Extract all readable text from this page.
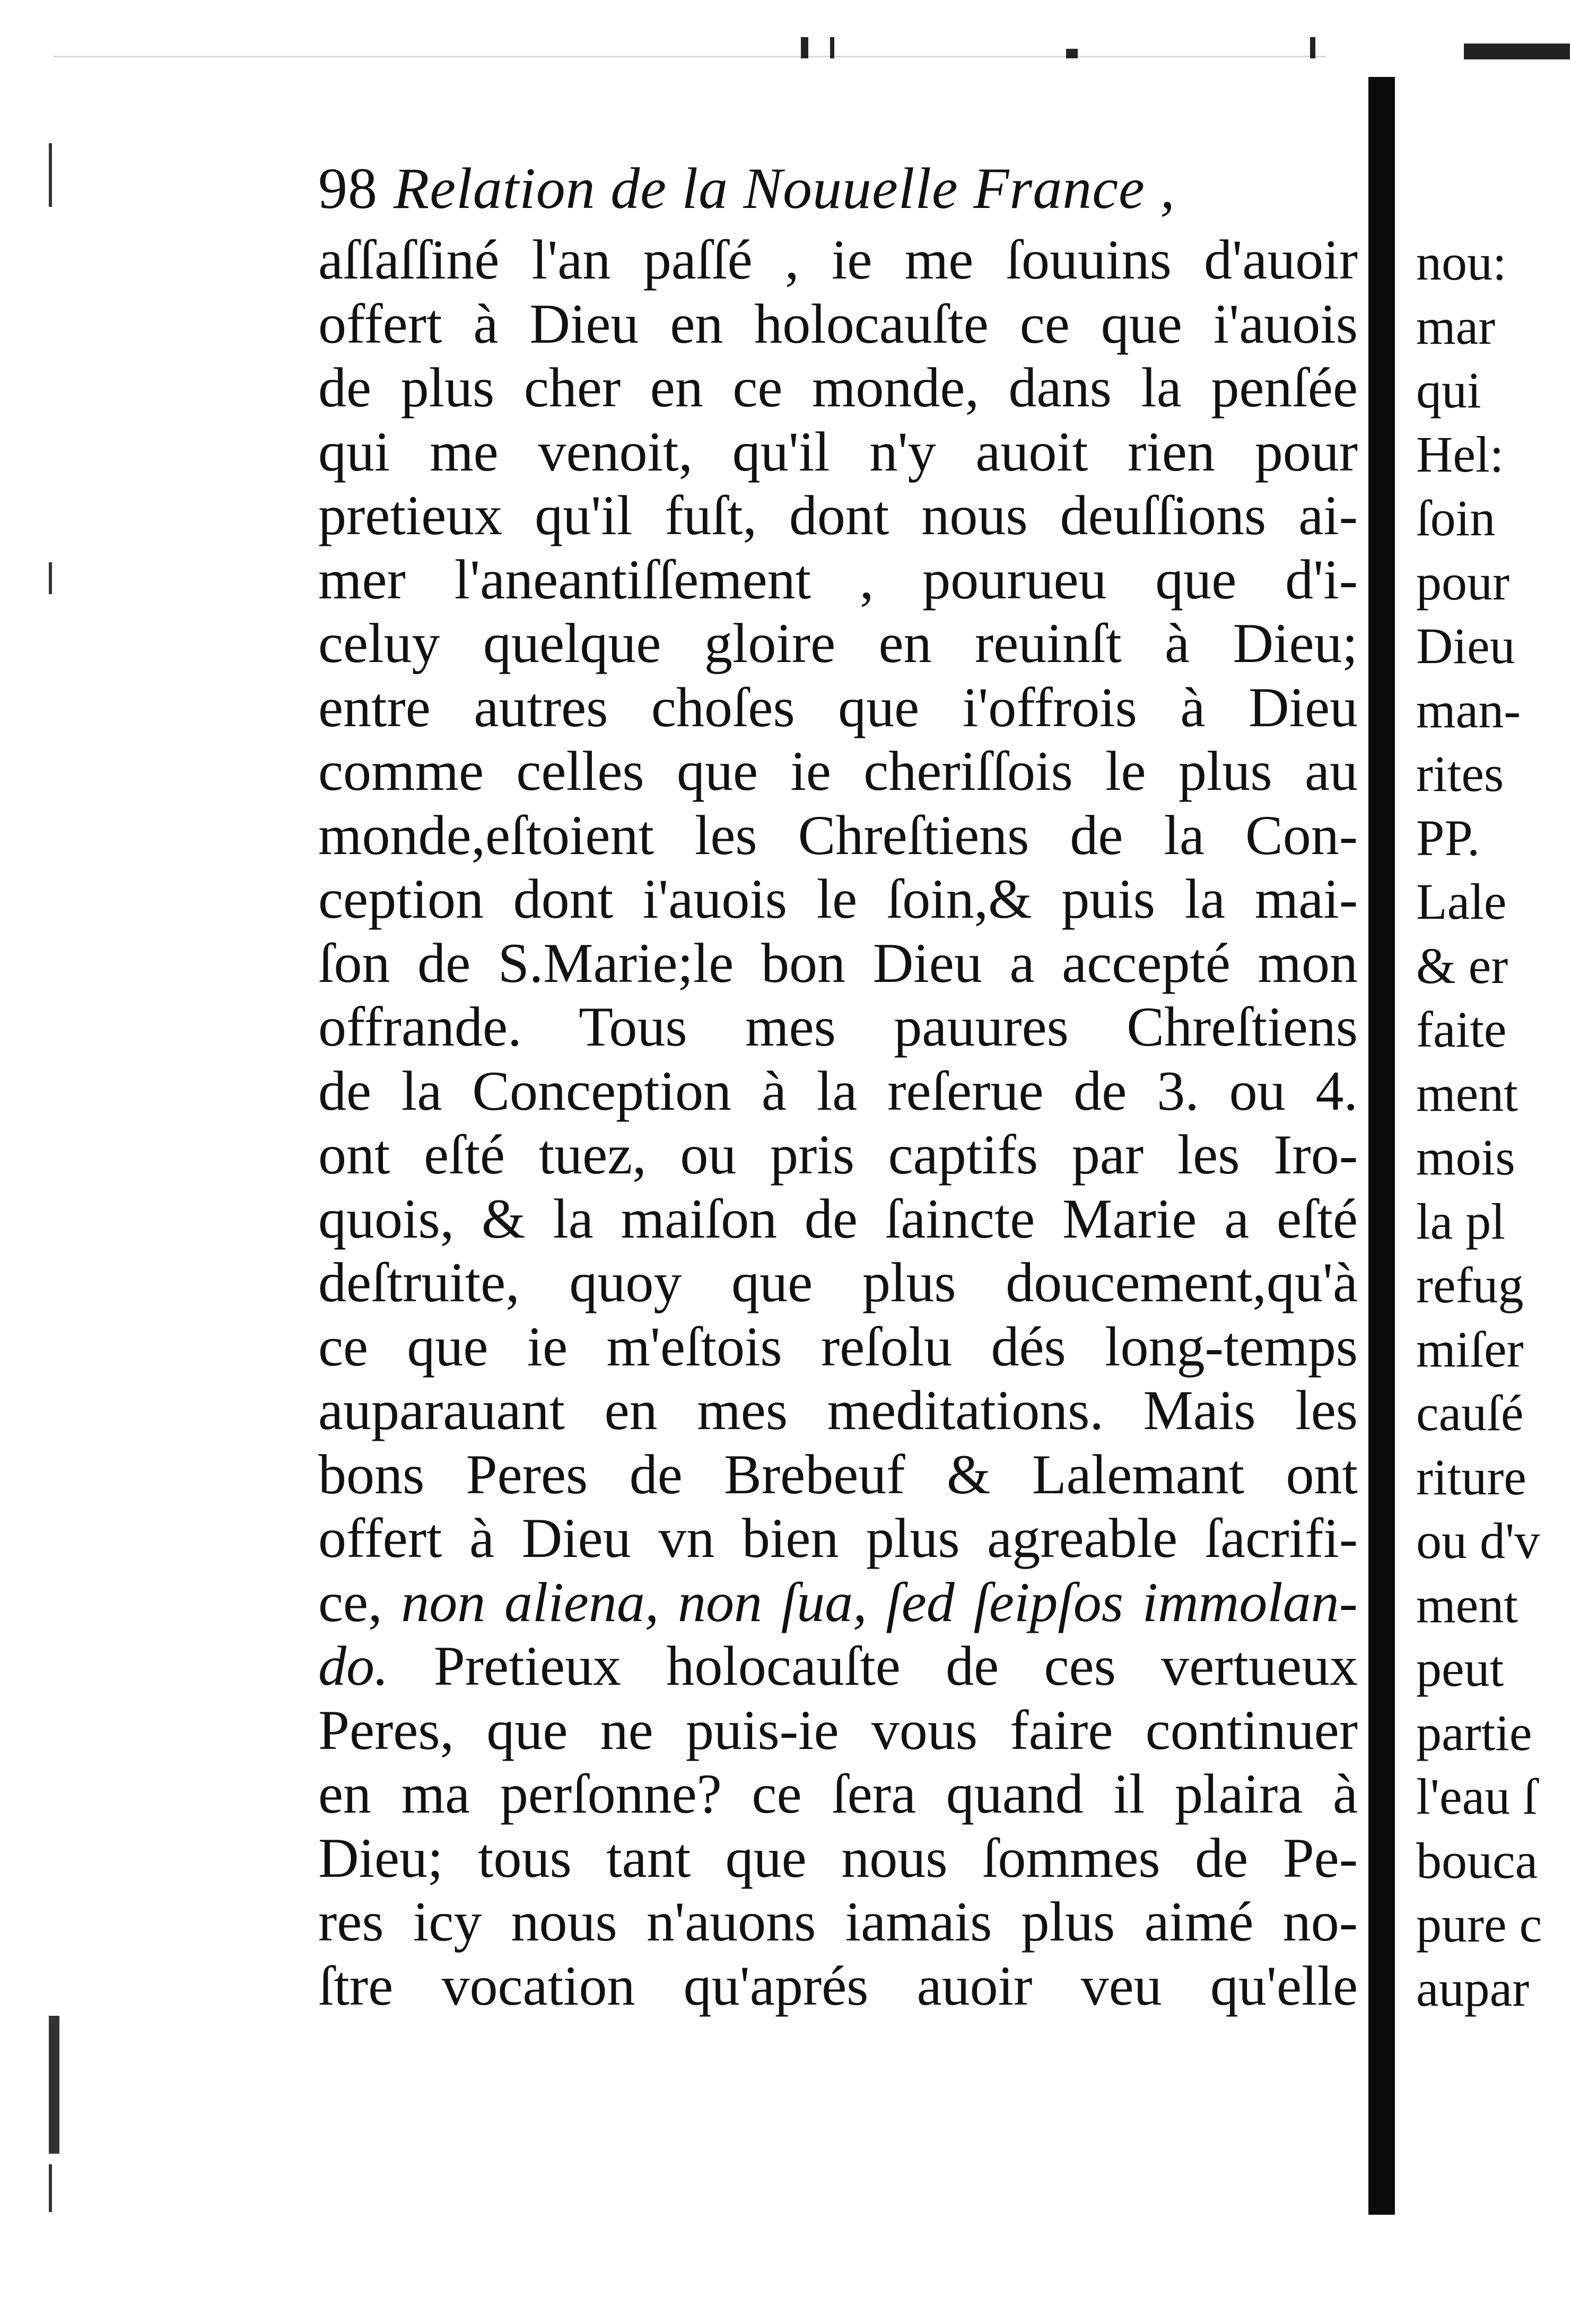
98 Relation de la Nouuelle France ,
aſſaſſiné l'an paſſé , ie me ſouuins d'auoir
offert à Dieu en holocauſte ce que i'auois
de plus cher en ce monde, dans la penſée
qui me venoit, qu'il n'y auoit rien pour
pretieux qu'il fuſt, dont nous deuſſions ai-
mer l'aneantiſſement , pourueu que d'i-
celuy quelque gloire en reuinſt à Dieu;
entre autres choſes que i'offrois à Dieu
comme celles que ie cheriſſois le plus au
monde,eſtoient les Chreſtiens de la Con-
ception dont i'auois le ſoin,& puis la mai-
ſon de S.Marie;le bon Dieu a accepté mon
offrande. Tous mes pauures Chreſtiens
de la Conception à la reſerue de 3. ou 4.
ont eſté tuez, ou pris captifs par les Iro-
quois, & la maiſon de ſaincte Marie a eſté
deſtruite, quoy que plus doucement,qu'à
ce que ie m'eſtois reſolu dés long-temps
auparauant en mes meditations. Mais les
bons Peres de Brebeuf & Lalemant ont
offert à Dieu vn bien plus agreable ſacrifi-
ce, non aliena, non ſua, ſed ſeipſos immolan-
do. Pretieux holocauſte de ces vertueux
Peres, que ne puis-ie vous faire continuer
en ma perſonne? ce ſera quand il plaira à
Dieu; tous tant que nous ſommes de Pe-
res icy nous n'auons iamais plus aimé no-
ſtre vocation qu'aprés auoir veu qu'elle
nou:
mar
qui
Hel:
ſoin
pour
Dieu
man-
rites
PP.
Lale
& er
faite
ment
mois
la pl
refug
miſer
cauſé
riture
ou d'v
ment
peut
partie
l'eau ſ
bouca
pure c
aupar
